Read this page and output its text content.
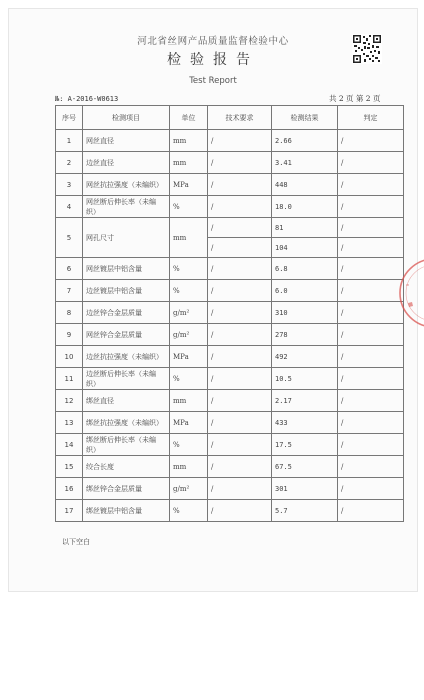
河北省丝网产品质量监督检验中心
检验报告
Test Report
№: A-2016-W0613	共 2 页 第 2 页
序号	检测项目	单位	技术要求	检测结果	判定
1	网丝直径	mm	/	2.66	/
2	边丝直径	mm	/	3.41	/
3	网丝抗拉强度（未编织）	MPa	/	448	/
4	网丝断后伸长率（未编织）	%	/	18.0	/
5	网孔尺寸	mm	/	81	/
			/	104	/
6	网丝镀层中铝含量	%	/	6.8	/
7	边丝镀层中铝含量	%	/	6.0	/
8	边丝锌合金层质量	g/m²	/	310	/
9	网丝锌合金层质量	g/m²	/	278	/
10	边丝抗拉强度（未编织）	MPa	/	492	/
11	边丝断后伸长率（未编织）	%	/	10.5	/
12	绑丝直径	mm	/	2.17	/
13	绑丝抗拉强度（未编织）	MPa	/	433	/
14	绑丝断后伸长率（未编织）	%	/	17.5	/
15	绞合长度	mm	/	67.5	/
16	绑丝锌合金层质量	g/m²	/	301	/
17	绑丝镀层中铝含量	%	/	5.7	/
以下空白
